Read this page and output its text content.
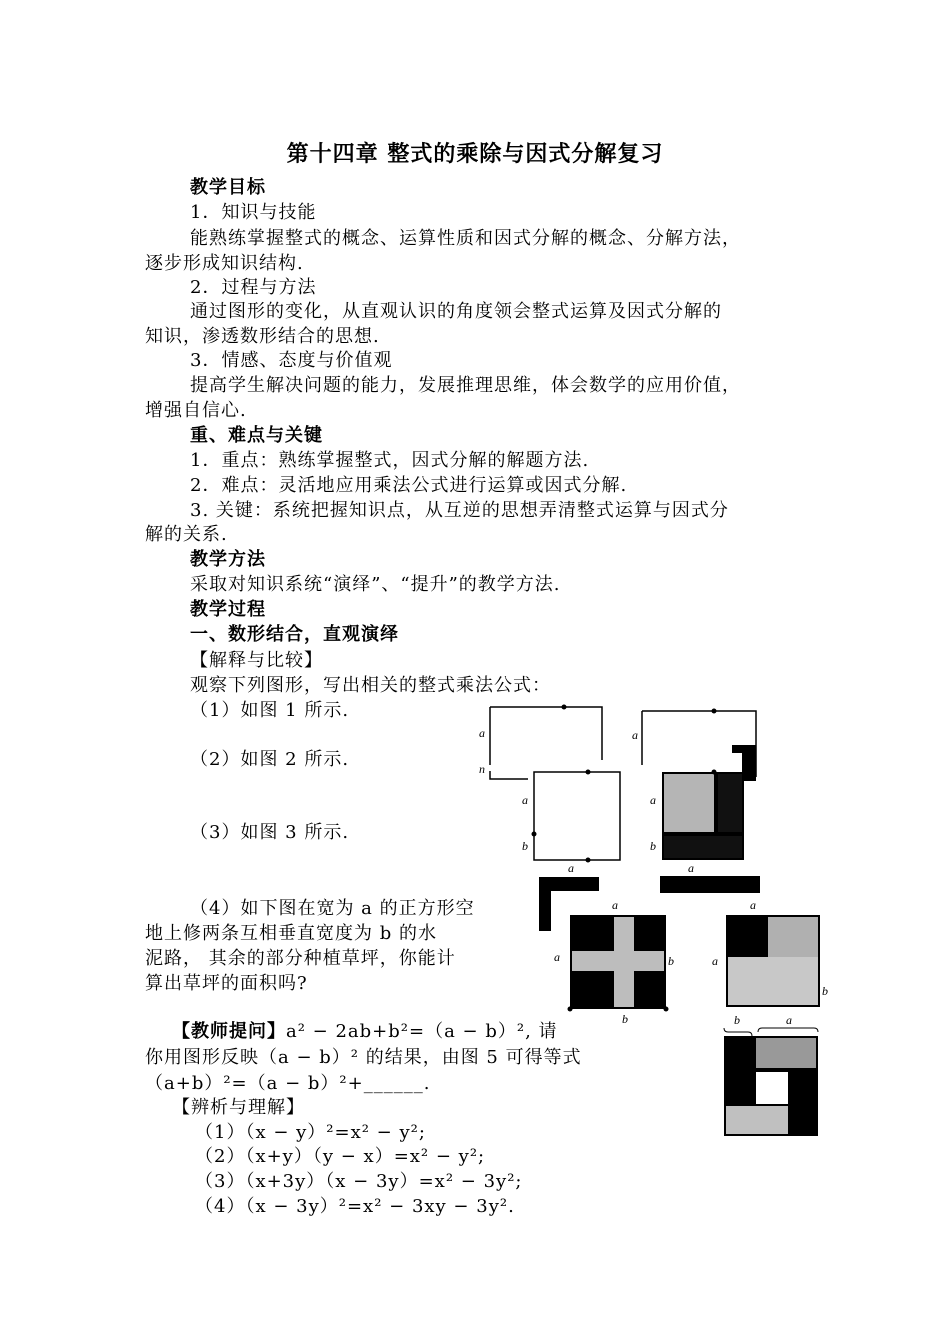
第十四章 整式的乘除与因式分解复习
教学目标
1．知识与技能
能熟练掌握整式的概念、运算性质和因式分解的概念、分解方法，
逐步形成知识结构.
2．过程与方法
通过图形的变化，从直观认识的角度领会整式运算及因式分解的
知识，渗透数形结合的思想.
3．情感、态度与价值观
提高学生解决问题的能力，发展推理思维，体会数学的应用价值，
增强自信心.
重、难点与关键
1．重点：熟练掌握整式，因式分解的解题方法.
2．难点：灵活地应用乘法公式进行运算或因式分解.
3. 关键：系统把握知识点，从互逆的思想弄清整式运算与因式分
解的关系.
教学方法
采取对知识系统“演绎”、“提升”的教学方法.
教学过程
一、数形结合，直观演绎
【解释与比较】
观察下列图形，写出相关的整式乘法公式：
（1）如图 1 所示.
（2）如图 2 所示.
（3）如图 3 所示.
（4）如下图在宽为 a 的正方形空
地上修两条互相垂直宽度为 b 的水
泥路， 其余的部分种植草坪，你能计
算出草坪的面积吗?
【教师提问】a² − 2ab+b²=（a − b）², 请
你用图形反映（a − b）² 的结果，由图 5 可得等式
（a+b）²=（a − b）²+______.
【辨析与理解】
（1）（x − y）²=x² − y²;
（2）（x+y）（y − x）=x² − y²;
（3）（x+3y）（x − 3y）=x² − 3y²;
（4）（x − 3y）²=x² − 3xy − 3y².
a
n
a
a
b
a
a
b
a
a
a	b
b
a
a
b
b	a
